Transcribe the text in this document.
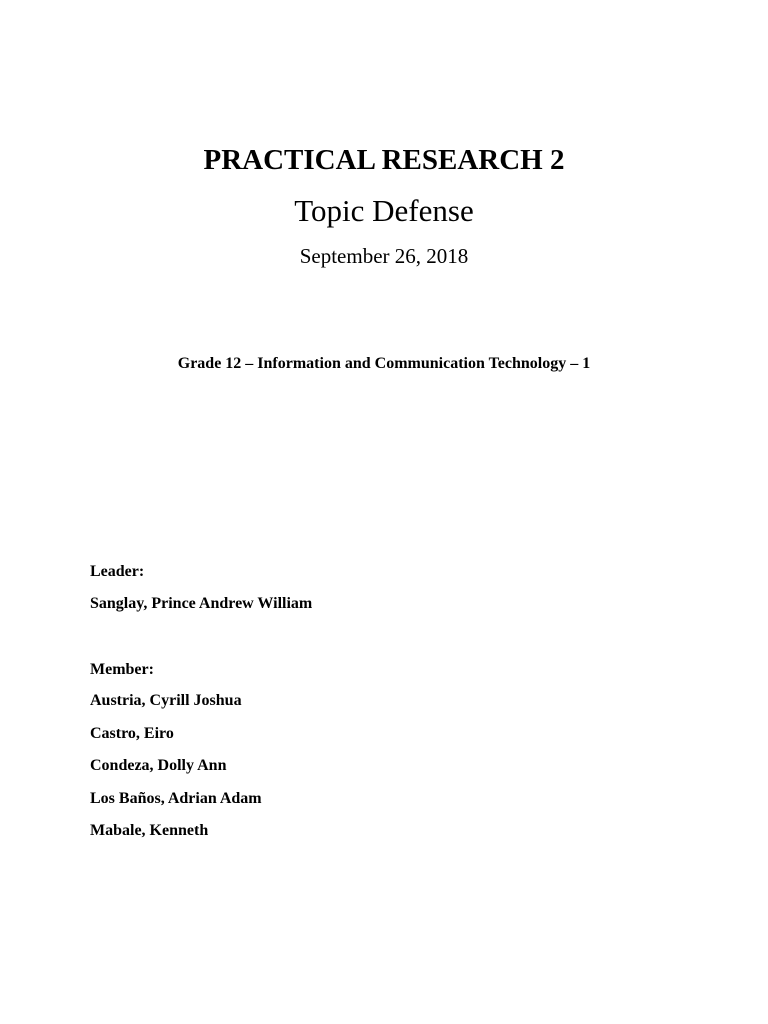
PRACTICAL RESEARCH 2
Topic Defense
September 26, 2018
Grade 12 – Information and Communication Technology – 1
Leader:
Sanglay, Prince Andrew William
Member:
Austria, Cyrill Joshua
Castro, Eiro
Condeza, Dolly Ann
Los Baños, Adrian Adam
Mabale, Kenneth
